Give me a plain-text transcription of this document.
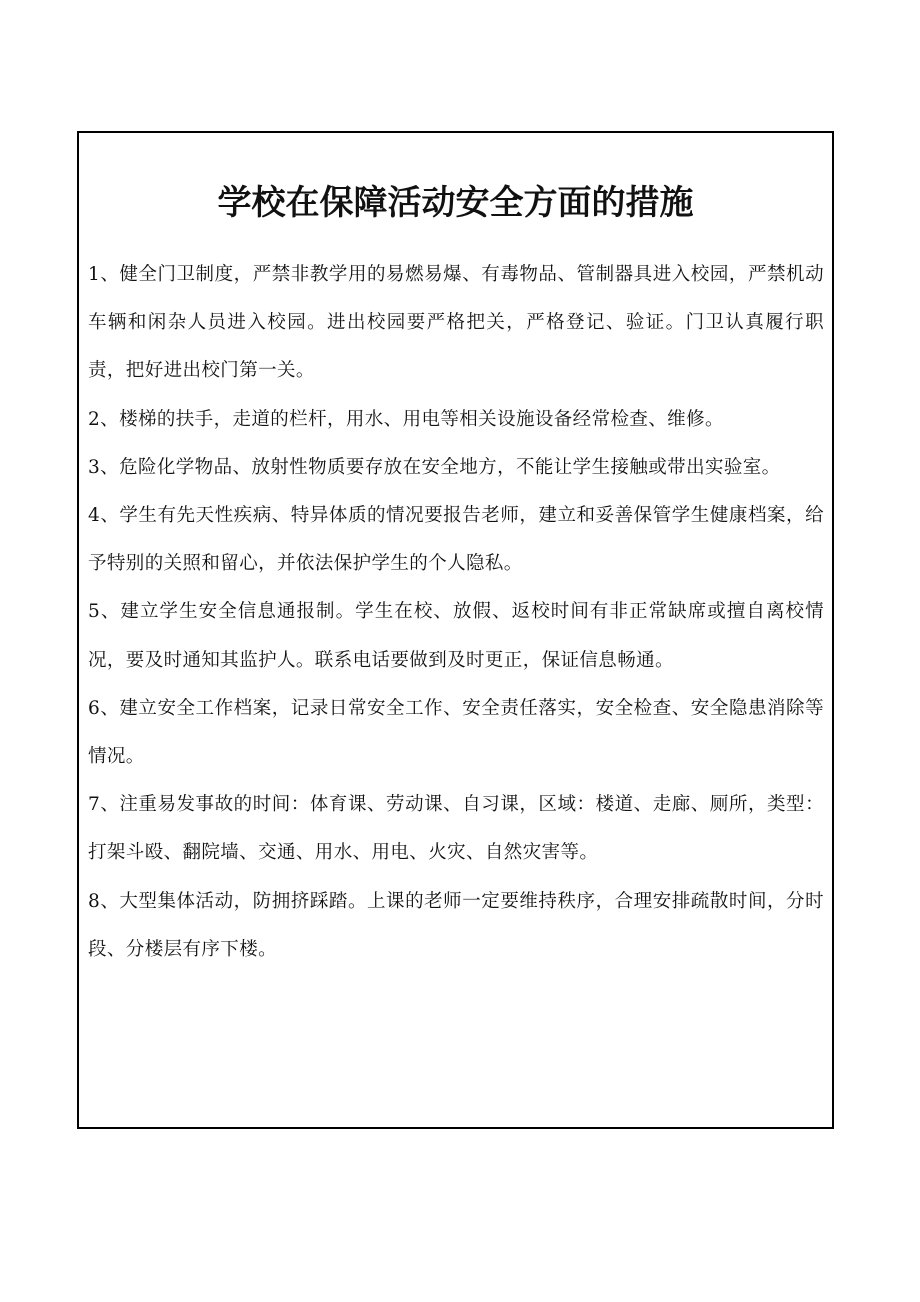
学校在保障活动安全方面的措施
1、健全门卫制度，严禁非教学用的易燃易爆、有毒物品、管制器具进入校园，严禁机动车辆和闲杂人员进入校园。进出校园要严格把关，严格登记、验证。门卫认真履行职责，把好进出校门第一关。
2、楼梯的扶手，走道的栏杆，用水、用电等相关设施设备经常检查、维修。
3、危险化学物品、放射性物质要存放在安全地方，不能让学生接触或带出实验室。
4、学生有先天性疾病、特异体质的情况要报告老师，建立和妥善保管学生健康档案，给予特别的关照和留心，并依法保护学生的个人隐私。
5、建立学生安全信息通报制。学生在校、放假、返校时间有非正常缺席或擅自离校情况，要及时通知其监护人。联系电话要做到及时更正，保证信息畅通。
6、建立安全工作档案，记录日常安全工作、安全责任落实，安全检查、安全隐患消除等情况。
7、注重易发事故的时间：体育课、劳动课、自习课，区域：楼道、走廊、厕所，类型：打架斗殴、翻院墙、交通、用水、用电、火灾、自然灾害等。
8、大型集体活动，防拥挤踩踏。上课的老师一定要维持秩序，合理安排疏散时间，分时段、分楼层有序下楼。
